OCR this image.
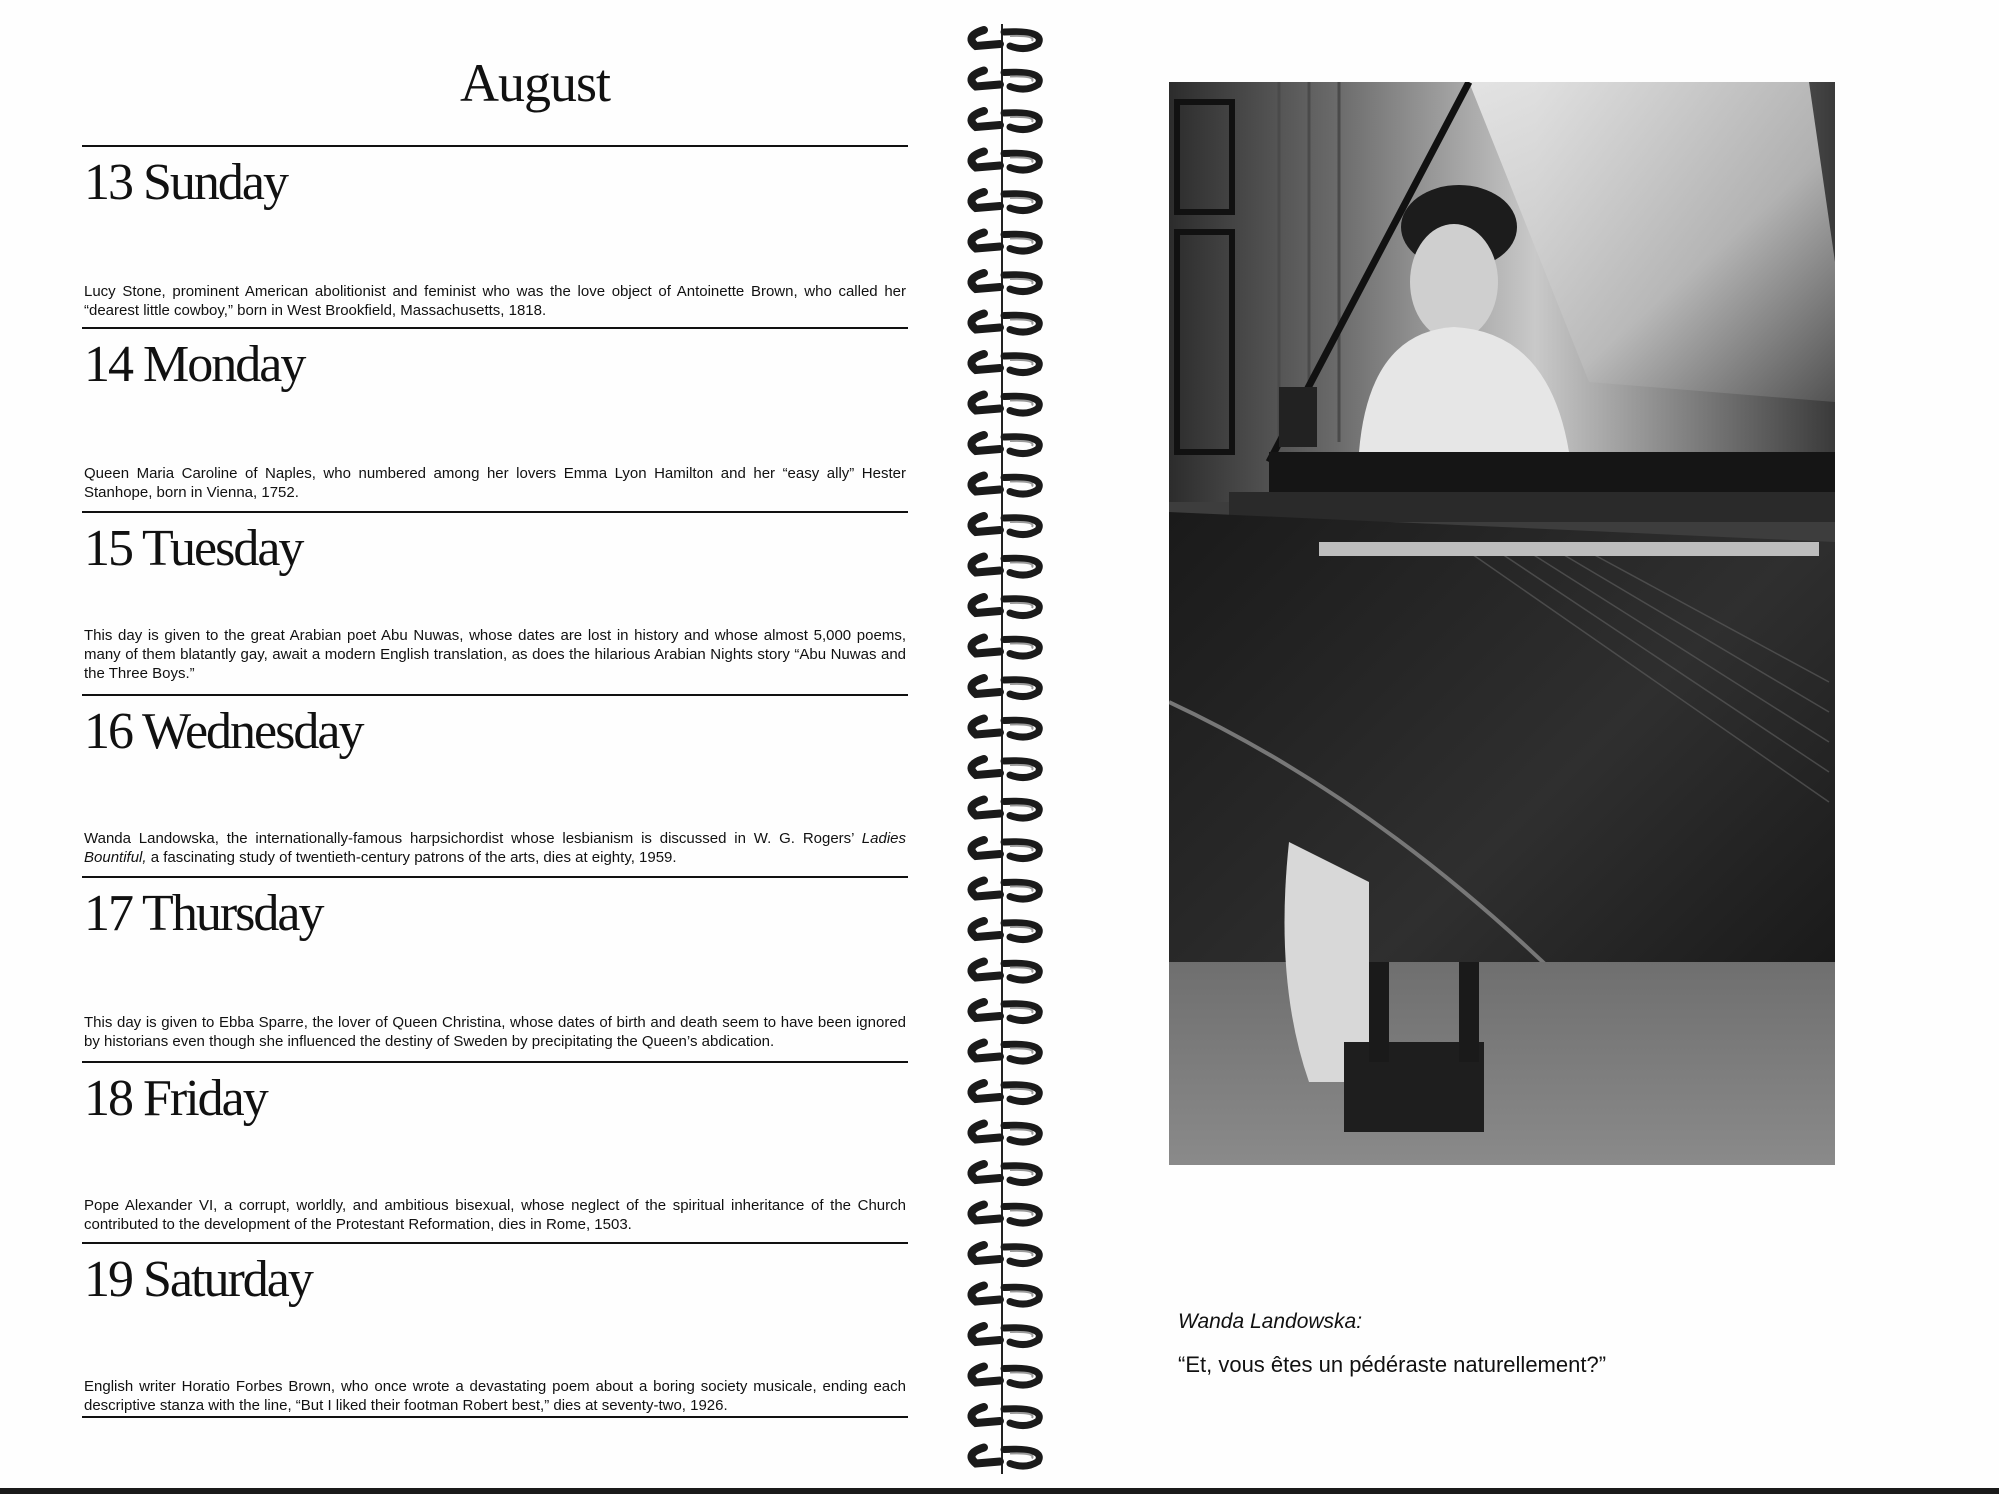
August
13 Sunday
Lucy Stone, prominent American abolitionist and feminist who was the love object of Antoinette Brown, who called her “dearest little cowboy,” born in West Brookfield, Massachusetts, 1818.
14 Monday
Queen Maria Caroline of Naples, who numbered among her lovers Emma Lyon Hamilton and her “easy ally” Hester Stanhope, born in Vienna, 1752.
15 Tuesday
This day is given to the great Arabian poet Abu Nuwas, whose dates are lost in history and whose almost 5,000 poems, many of them blatantly gay, await a modern English translation, as does the hilarious Arabian Nights story “Abu Nuwas and the Three Boys.”
16 Wednesday
Wanda Landowska, the internationally-famous harpsichordist whose lesbianism is discussed in W. G. Rogers’ Ladies Bountiful, a fascinating study of twentieth-century patrons of the arts, dies at eighty, 1959.
17 Thursday
This day is given to Ebba Sparre, the lover of Queen Christina, whose dates of birth and death seem to have been ignored by historians even though she influenced the destiny of Sweden by precipitating the Queen’s abdication.
18 Friday
Pope Alexander VI, a corrupt, worldly, and ambitious bisexual, whose neglect of the spiritual inheritance of the Church contributed to the development of the Protestant Reformation, dies in Rome, 1503.
19 Saturday
English writer Horatio Forbes Brown, who once wrote a devastating poem about a boring society musicale, ending each descriptive stanza with the line, “But I liked their footman Robert best,” dies at seventy-two, 1926.
Wanda Landowska:
“Et, vous êtes un pédéraste naturellement?”
